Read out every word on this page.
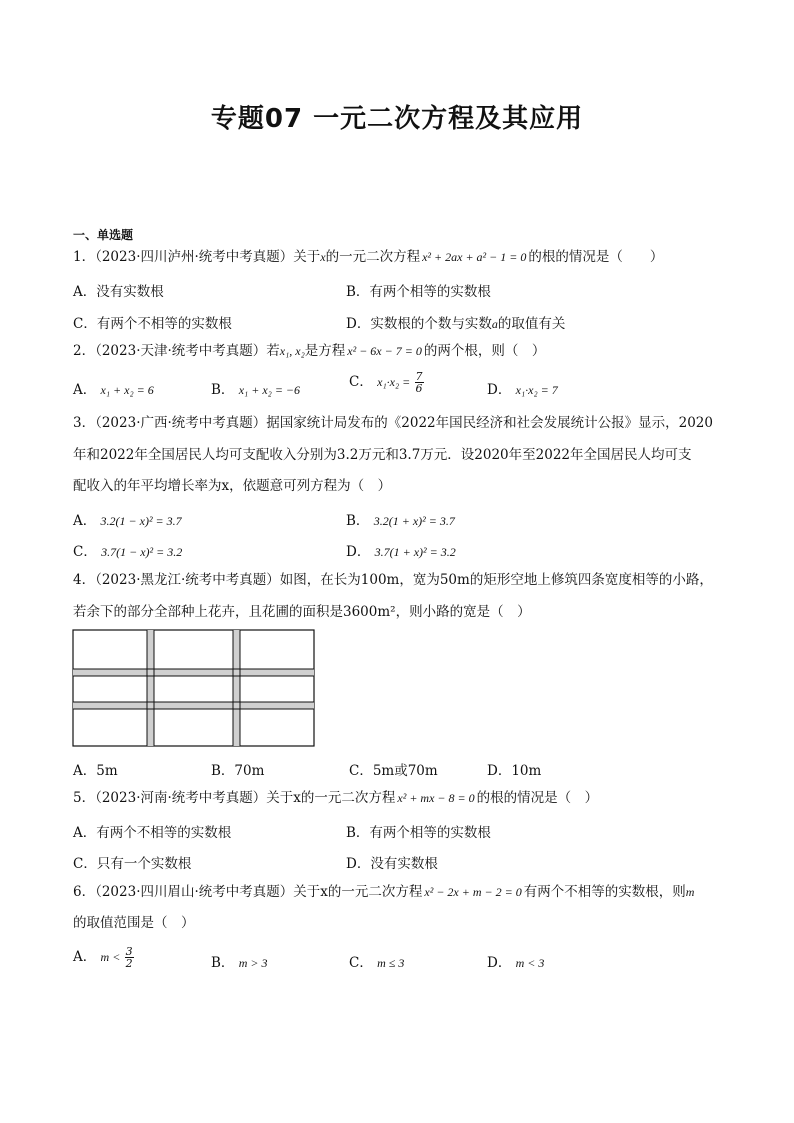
专题07 一元二次方程及其应用
一、单选题
1．（2023·四川泸州·统考中考真题）关于x的一元二次方程 x² + 2ax + a² − 1 = 0 的根的情况是（　　）
A．没有实数根	B．有两个相等的实数根
C．有两个不相等的实数根	D．实数根的个数与实数a的取值有关
2．（2023·天津·统考中考真题）若x₁, x₂是方程 x² − 6x − 7 = 0 的两个根，则（　）
A． x₁ + x₂ = 6	B． x₁ + x₂ = −6	C． $x_1\cdot x_2 = \frac{7}{6}$	D． x₁·x₂ = 7
3．（2023·广西·统考中考真题）据国家统计局发布的《2022年国民经济和社会发展统计公报》显示，2020
年和2022年全国居民人均可支配收入分别为3.2万元和3.7万元．设2020年至2022年全国居民人均可支
配收入的年平均增长率为x，依题意可列方程为（　）
A． 3.2(1 − x)² = 3.7	B． 3.2(1 + x)² = 3.7
C． 3.7(1 − x)² = 3.2	D． 3.7(1 + x)² = 3.2
4．（2023·黑龙江·统考中考真题）如图，在长为100m，宽为50m的矩形空地上修筑四条宽度相等的小路，
若余下的部分全部种上花卉，且花圃的面积是3600m²，则小路的宽是（　）
A．5m	B．70m	C．5m或70m	D．10m
5．（2023·河南·统考中考真题）关于x的一元二次方程 x² + mx − 8 = 0 的根的情况是（　）
A．有两个不相等的实数根	B．有两个相等的实数根
C．只有一个实数根	D．没有实数根
6．（2023·四川眉山·统考中考真题）关于x的一元二次方程 x² − 2x + m − 2 = 0 有两个不相等的实数根，则m
的取值范围是（　）
A． $m < \frac{3}{2}$	B． m > 3	C． m ≤ 3	D． m < 3
